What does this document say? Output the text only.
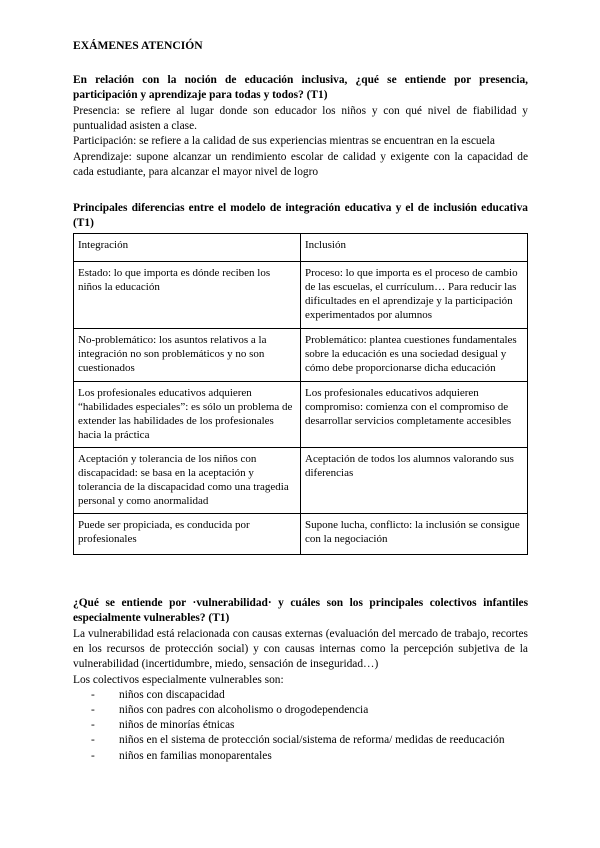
EXÁMENES ATENCIÓN
En relación con la noción de educación inclusiva, ¿qué se entiende por presencia, participación y aprendizaje para todas y todos? (T1)

Presencia: se refiere al lugar donde son educador los niños y con qué nivel de fiabilidad y puntualidad asisten a clase.

Participación: se refiere a la calidad de sus experiencias mientras se encuentran en la escuela

Aprendizaje: supone alcanzar un rendimiento escolar de calidad y exigente con la capacidad de cada estudiante, para alcanzar el mayor nivel de logro

Principales diferencias entre el modelo de integración educativa y el de inclusión educativa (T1)
Integración	Inclusión
Estado: lo que importa es dónde reciben los niños la educación	Proceso: lo que importa es el proceso de cambio de las escuelas, el currículum… Para reducir las dificultades en el aprendizaje y la participación experimentados por alumnos
No-problemático: los asuntos relativos a la integración no son problemáticos y no son cuestionados	Problemático: plantea cuestiones fundamentales sobre la educación es una sociedad desigual y cómo debe proporcionarse dicha educación
Los profesionales educativos adquieren “habilidades especiales”: es sólo un problema de extender las habilidades de los profesionales hacia la práctica	Los profesionales educativos adquieren compromiso: comienza con el compromiso de desarrollar servicios completamente accesibles
Aceptación y tolerancia de los niños con discapacidad: se basa en la aceptación y tolerancia de la discapacidad como una tragedia personal y como anormalidad	Aceptación de todos los alumnos valorando sus diferencias
Puede ser propiciada, es conducida por profesionales	Supone lucha, conflicto: la inclusión se consigue con la negociación
¿Qué se entiende por ·vulnerabilidad· y cuáles son los principales colectivos infantiles especialmente vulnerables? (T1)

La vulnerabilidad está relacionada con causas externas (evaluación del mercado de trabajo, recortes en los recursos de protección social) y con causas internas como la percepción subjetiva de la vulnerabilidad (incertidumbre, miedo, sensación de inseguridad…)

Los colectivos especialmente vulnerables son:

- niños con discapacidad
- niños con padres con alcoholismo o drogodependencia
- niños de minorías étnicas
- niños en el sistema de protección social/sistema de reforma/ medidas de reeducación
- niños en familias monoparentales
